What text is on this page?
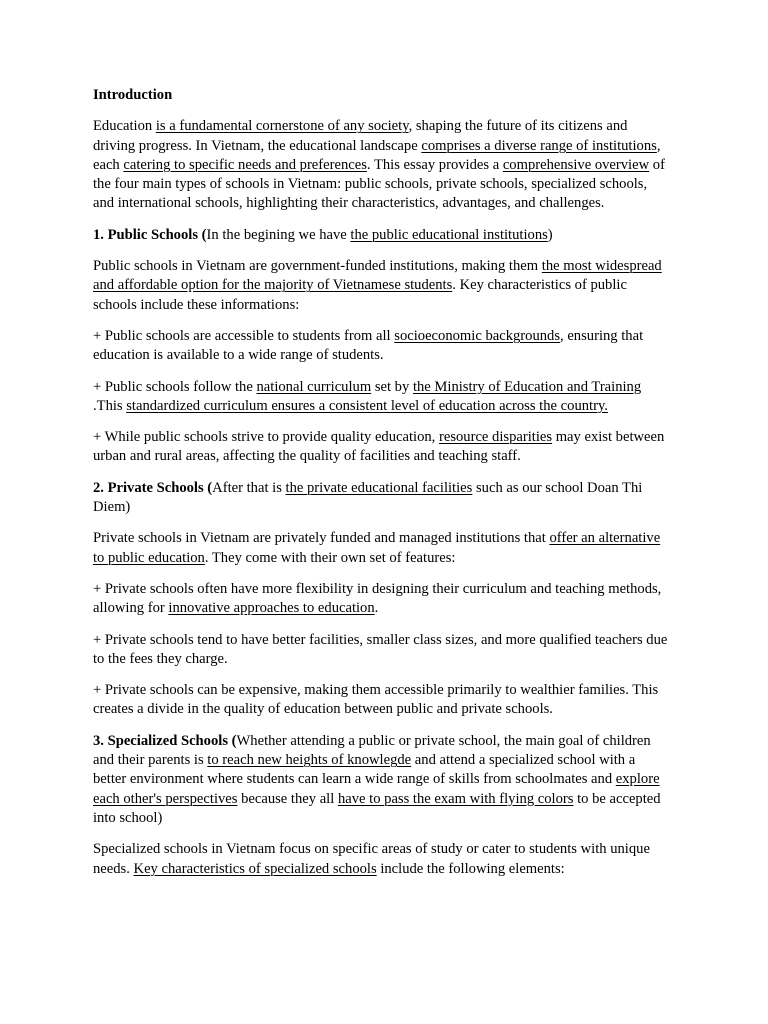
Introduction

Education is a fundamental cornerstone of any society, shaping the future of its citizens and driving progress. In Vietnam, the educational landscape comprises a diverse range of institutions, each catering to specific needs and preferences. This essay provides a comprehensive overview of the four main types of schools in Vietnam: public schools, private schools, specialized schools, and international schools, highlighting their characteristics, advantages, and challenges.

1. Public Schools (In the begining we have the public educational institutions)

Public schools in Vietnam are government-funded institutions, making them the most widespread and affordable option for the majority of Vietnamese students. Key characteristics of public schools include these informations:

+ Public schools are accessible to students from all socioeconomic backgrounds, ensuring that education is available to a wide range of students.

+ Public schools follow the national curriculum set by the Ministry of Education and Training .This standardized curriculum ensures a consistent level of education across the country.

+ While public schools strive to provide quality education, resource disparities may exist between urban and rural areas, affecting the quality of facilities and teaching staff.

2. Private Schools (After that is the private educational facilities such as our school Doan Thi Diem)

Private schools in Vietnam are privately funded and managed institutions that offer an alternative to public education. They come with their own set of features:

+ Private schools often have more flexibility in designing their curriculum and teaching methods, allowing for innovative approaches to education.

+ Private schools tend to have better facilities, smaller class sizes, and more qualified teachers due to the fees they charge.

+ Private schools can be expensive, making them accessible primarily to wealthier families. This creates a divide in the quality of education between public and private schools.

3. Specialized Schools (Whether attending a public or private school, the main goal of children and their parents is to reach new heights of knowlegde and attend a specialized school with a better environment where students can learn a wide range of skills from schoolmates and explore each other's perspectives because they all have to pass the exam with flying colors to be accepted into school)

Specialized schools in Vietnam focus on specific areas of study or cater to students with unique needs. Key characteristics of specialized schools include the following elements:
